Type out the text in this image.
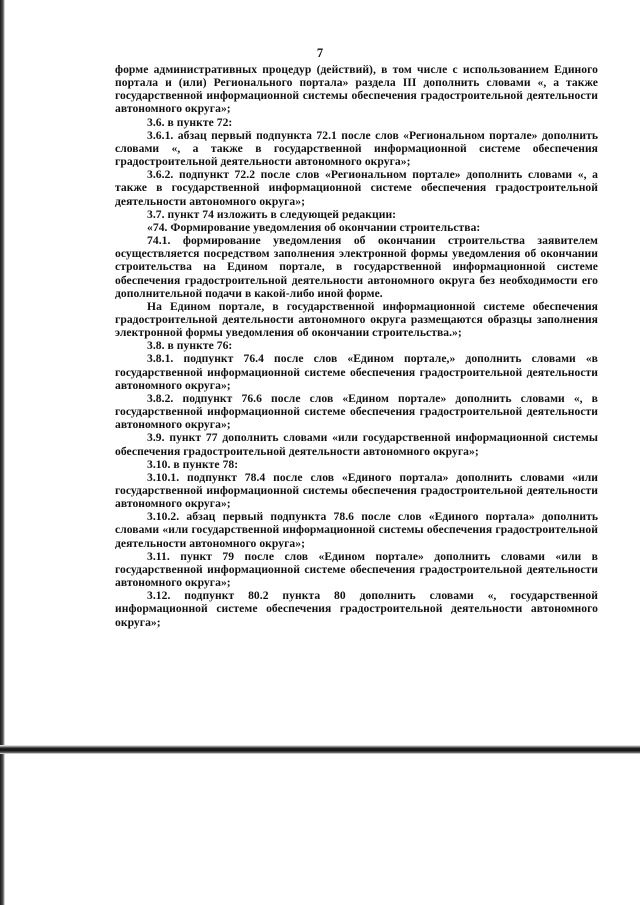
7

форме административных процедур (действий), в том числе с использованием Единого портала и (или) Регионального портала» раздела III дополнить словами «, а также государственной информационной системы обеспечения градостроительной деятельности автономного округа»;

3.6. в пункте 72:

3.6.1. абзац первый подпункта 72.1 после слов «Региональном портале» дополнить словами «, а также в государственной информационной системе обеспечения градостроительной деятельности автономного округа»;

3.6.2. подпункт 72.2 после слов «Региональном портале» дополнить словами «, а также в государственной информационной системе обеспечения градостроительной деятельности автономного округа»;

3.7. пункт 74 изложить в следующей редакции:

«74. Формирование уведомления об окончании строительства:

74.1. формирование уведомления об окончании строительства заявителем осуществляется посредством заполнения электронной формы уведомления об окончании строительства на Едином портале, в государственной информационной системе обеспечения градостроительной деятельности автономного округа без необходимости его дополнительной подачи в какой-либо иной форме.

На Едином портале, в государственной информационной системе обеспечения градостроительной деятельности автономного округа размещаются образцы заполнения электронной формы уведомления об окончании строительства.»;

3.8. в пункте 76:

3.8.1. подпункт 76.4 после слов «Едином портале,» дополнить словами «в государственной информационной системе обеспечения градостроительной деятельности автономного округа»;

3.8.2. подпункт 76.6 после слов «Едином портале» дополнить словами «, в государственной информационной системе обеспечения градостроительной деятельности автономного округа»;

3.9. пункт 77 дополнить словами «или государственной информационной системы обеспечения градостроительной деятельности автономного округа»;

3.10. в пункте 78:

3.10.1. подпункт 78.4 после слов «Единого портала» дополнить словами «или государственной информационной системы обеспечения градостроительной деятельности автономного округа»;

3.10.2. абзац первый подпункта 78.6 после слов «Единого портала» дополнить словами «или государственной информационной системы обеспечения градостроительной деятельности автономного округа»;

3.11. пункт 79 после слов «Едином портале» дополнить словами «или в государственной информационной системе обеспечения градостроительной деятельности автономного округа»;

3.12. подпункт 80.2 пункта 80 дополнить словами «, государственной информационной системе обеспечения градостроительной деятельности автономного округа»;
